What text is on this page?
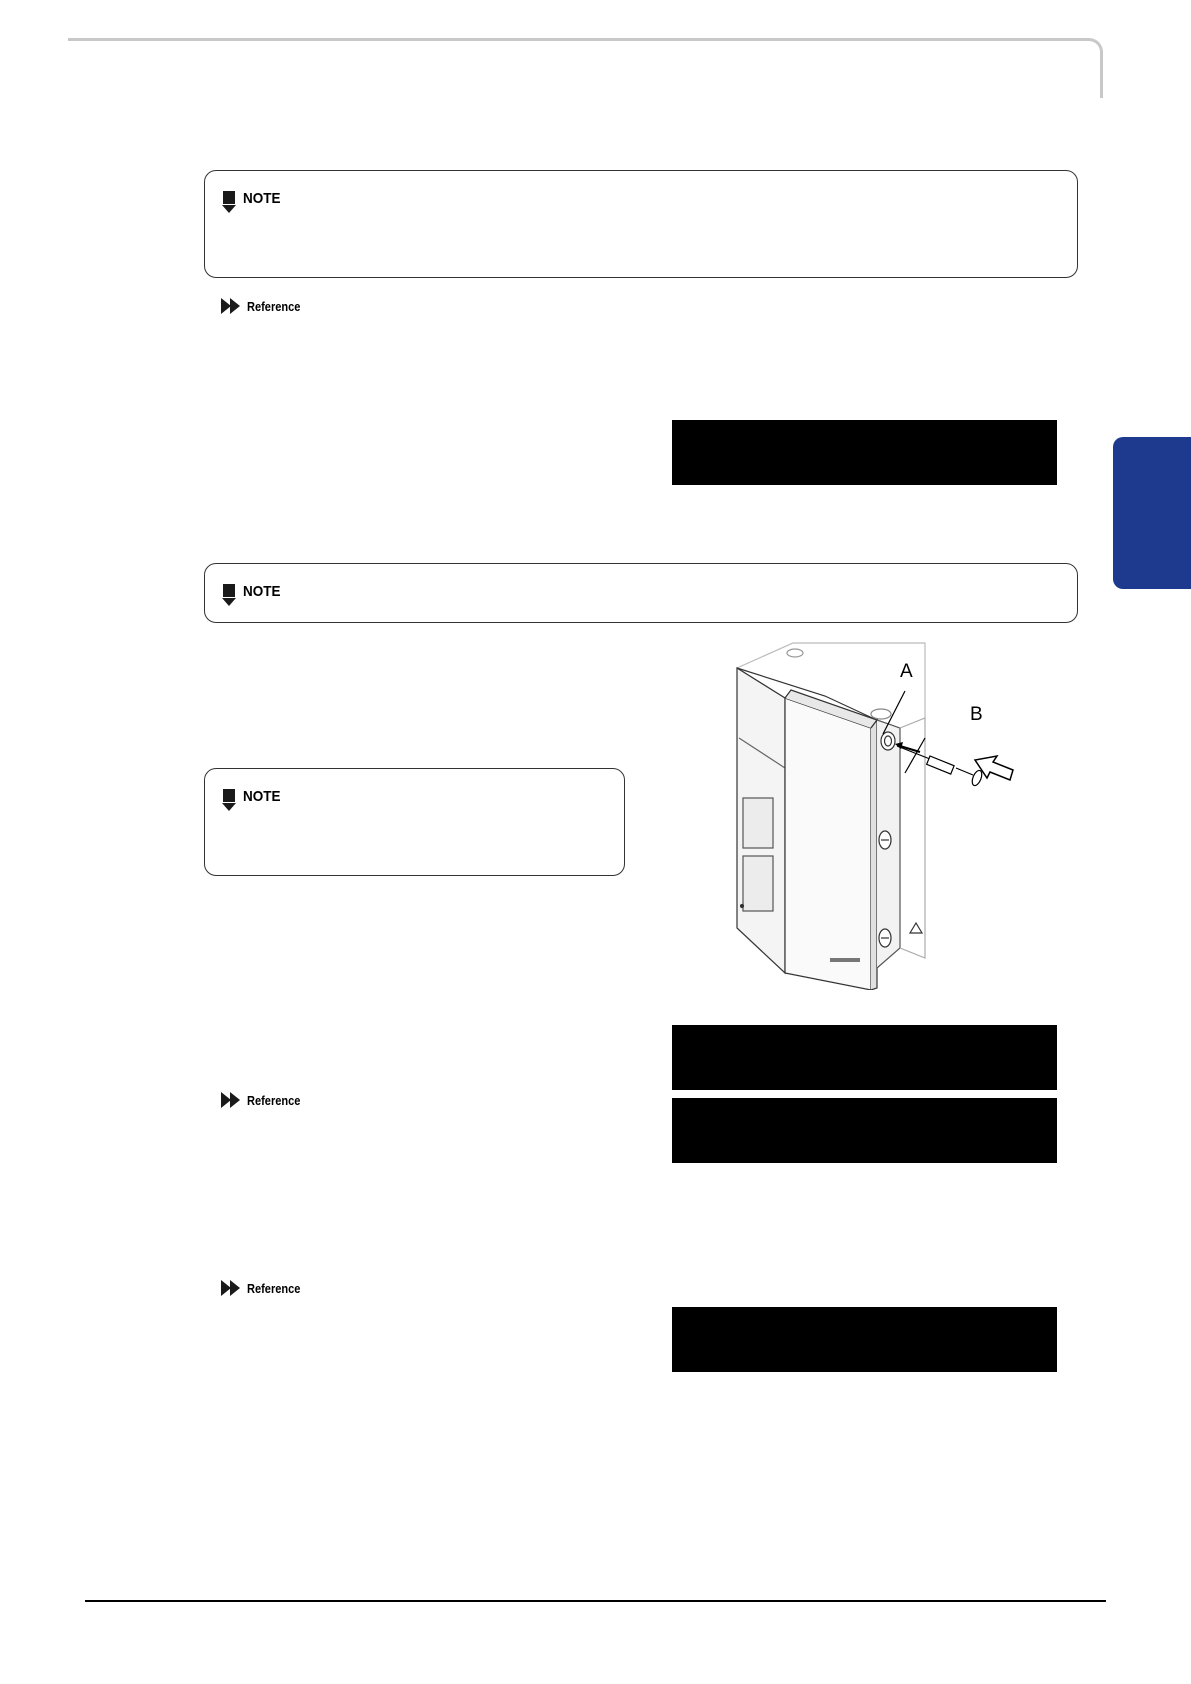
NOTE
Reference

GAS SENSOR CHECK

NOTE
NOTE
A
B

Checking ...

Reference

GAS SENSOR CHECK

SENSOR GOOD

Reference

TEMPERATURE CHECK

Enter to Start
